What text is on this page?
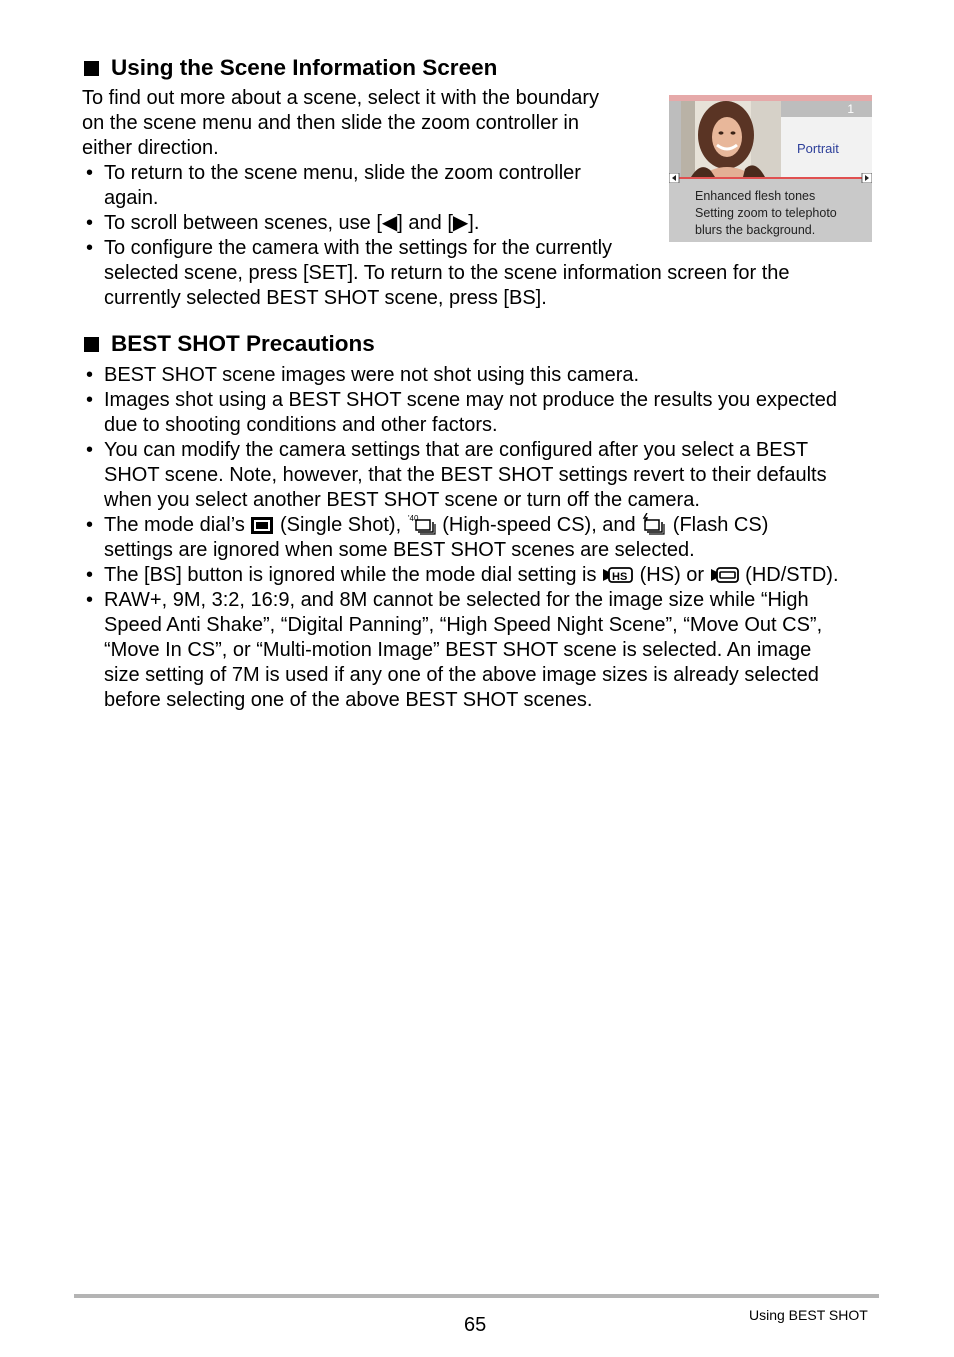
Using the Scene Information Screen
To find out more about a scene, select it with the boundary
on the scene menu and then slide the zoom controller in
either direction.
• To return to the scene menu, slide the zoom controller
again.
• To scroll between scenes, use [◀] and [▶].
• To configure the camera with the settings for the currently
selected scene, press [SET]. To return to the scene information screen for the
currently selected BEST SHOT scene, press [BS].
1
Portrait
Enhanced flesh tones
Setting zoom to telephoto
blurs the background.
BEST SHOT Precautions
• BEST SHOT scene images were not shot using this camera.
• Images shot using a BEST SHOT scene may not produce the results you expected
due to shooting conditions and other factors.
• You can modify the camera settings that are configured after you select a BEST
SHOT scene. Note, however, that the BEST SHOT settings revert to their defaults
when you select another BEST SHOT scene or turn off the camera.
• The mode dial’s  (Single Shot), '40 (High-speed CS), and  (Flash CS)
settings are ignored when some BEST SHOT scenes are selected.
• The [BS] button is ignored while the mode dial setting is HS (HS) or  (HD/STD).
• RAW+, 9M, 3:2, 16:9, and 8M cannot be selected for the image size while “High
Speed Anti Shake”, “Digital Panning”, “High Speed Night Scene”, “Move Out CS”,
“Move In CS”, or “Multi-motion Image” BEST SHOT scene is selected. An image
size setting of 7M is used if any one of the above image sizes is already selected
before selecting one of the above BEST SHOT scenes.
65	Using BEST SHOT
